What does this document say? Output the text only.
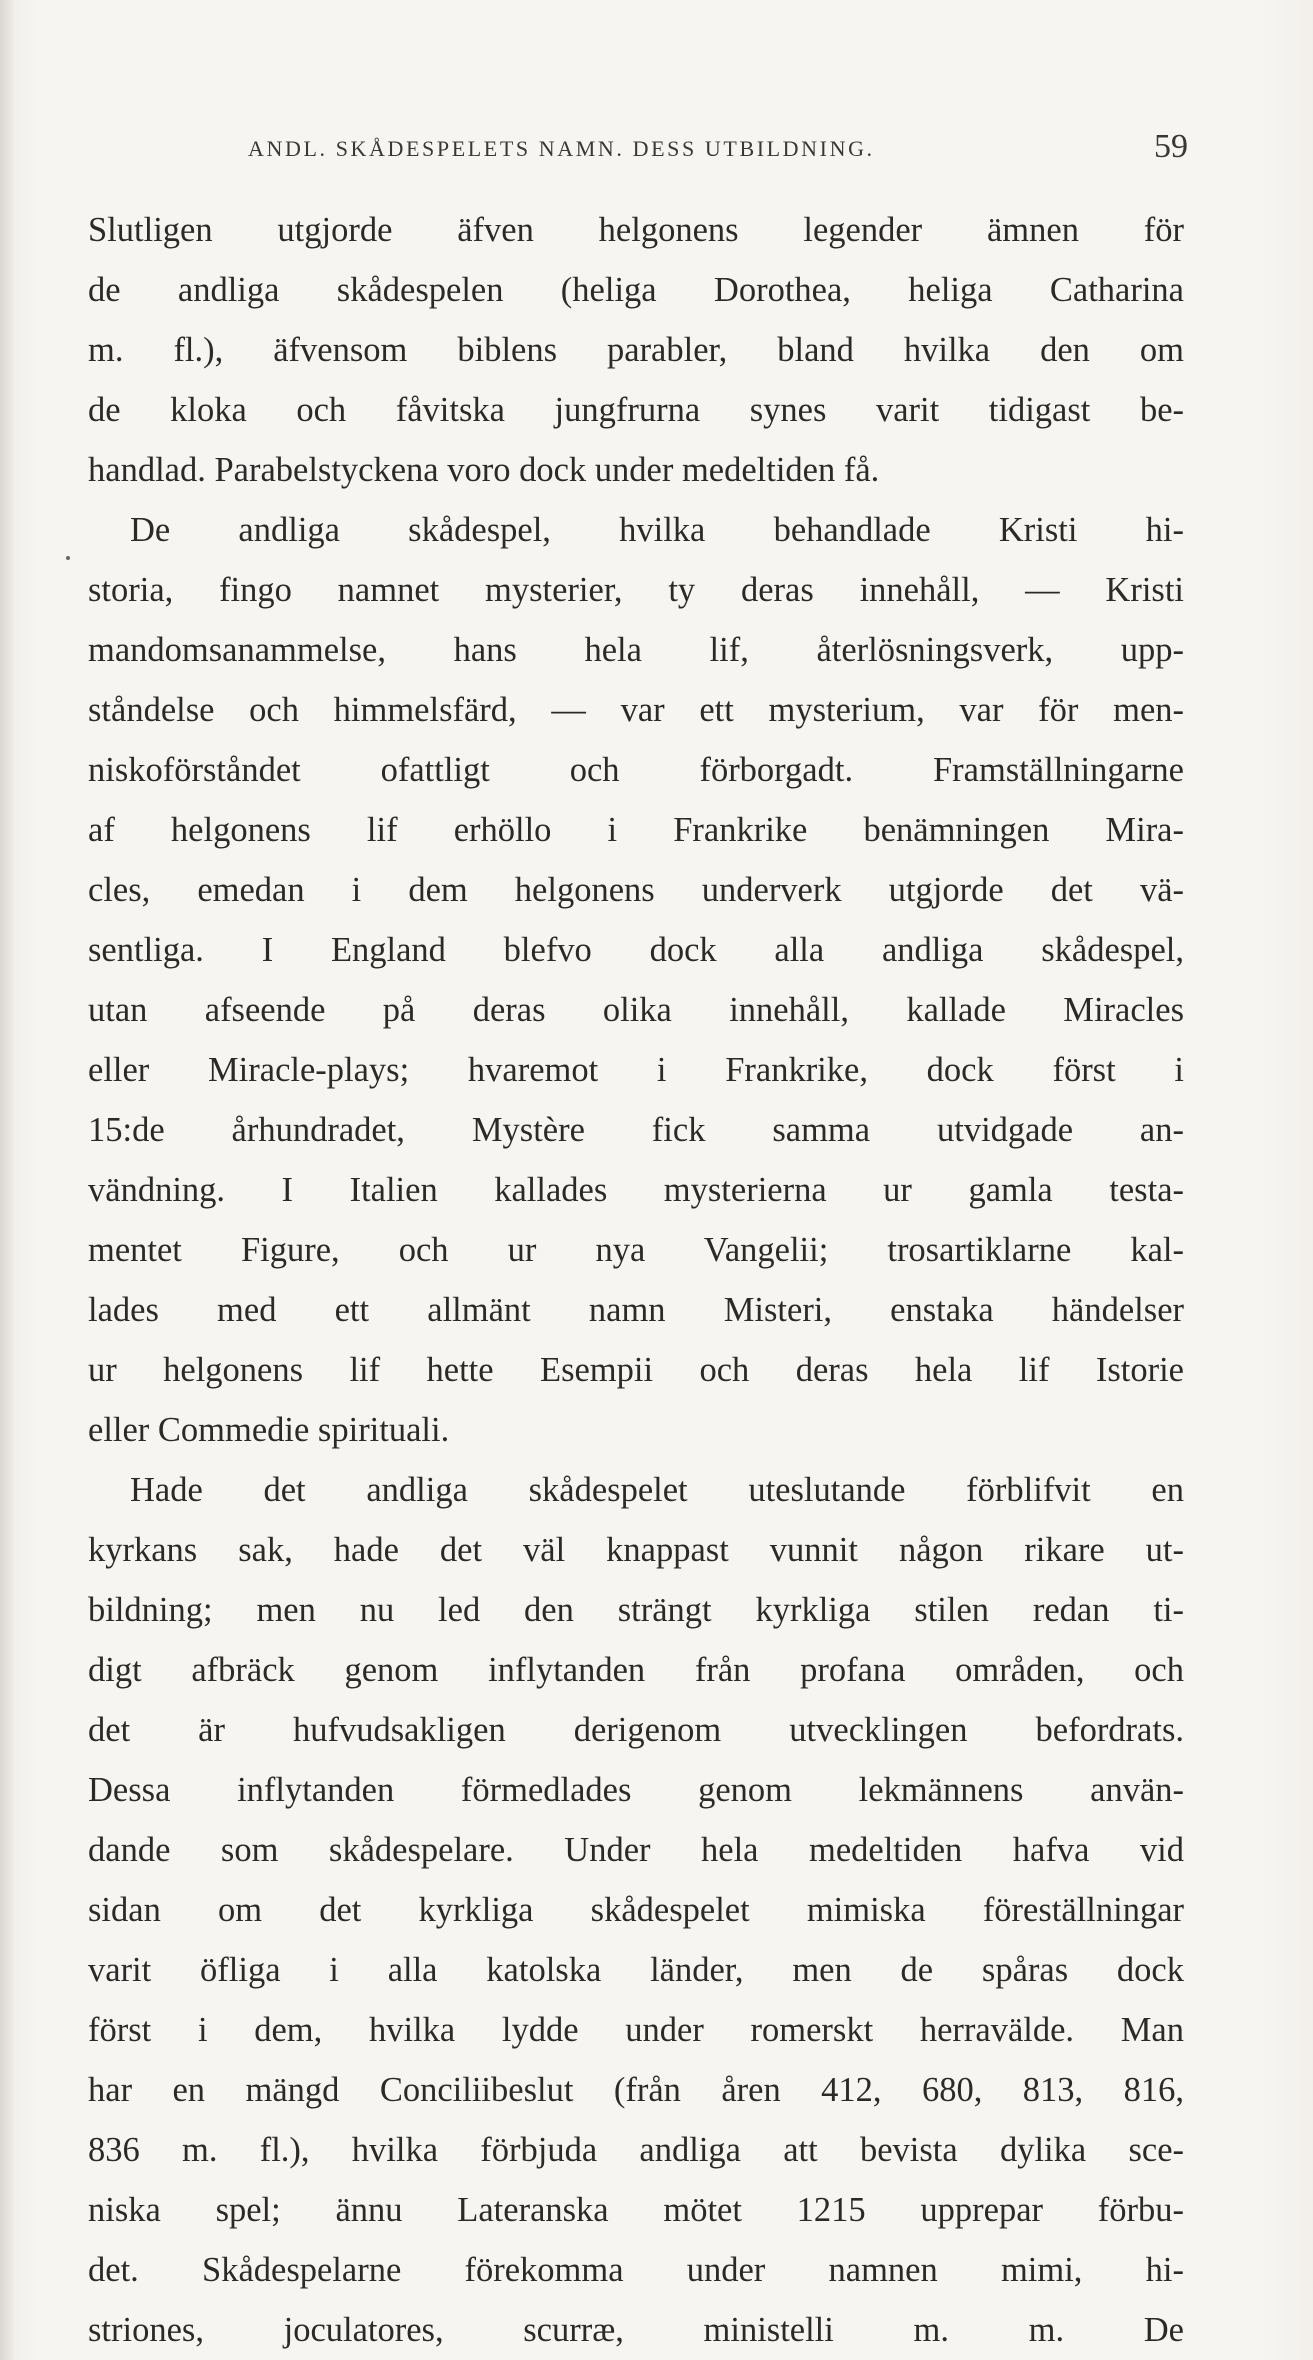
ANDL. SKÅDESPELETS NAMN. DESS UTBILDNING.	59
Slutligen utgjorde äfven helgonens legender ämnen för
de andliga skådespelen (heliga Dorothea, heliga Catharina
m. fl.), äfvensom biblens parabler, bland hvilka den om
de kloka och fåvitska jungfrurna synes varit tidigast be-
handlad. Parabelstyckena voro dock under medeltiden få.
De andliga skådespel, hvilka behandlade Kristi hi-
storia, fingo namnet mysterier, ty deras innehåll, — Kristi
mandomsanammelse, hans hela lif, återlösningsverk, upp-
ståndelse och himmelsfärd, — var ett mysterium, var för men-
niskoförståndet ofattligt och förborgadt. Framställningarne
af helgonens lif erhöllo i Frankrike benämningen Mira-
cles, emedan i dem helgonens underverk utgjorde det vä-
sentliga. I England blefvo dock alla andliga skådespel,
utan afseende på deras olika innehåll, kallade Miracles
eller Miracle-plays; hvaremot i Frankrike, dock först i
15:de århundradet, Mystère fick samma utvidgade an-
vändning. I Italien kallades mysterierna ur gamla testa-
mentet Figure, och ur nya Vangelii; trosartiklarne kal-
lades med ett allmänt namn Misteri, enstaka händelser
ur helgonens lif hette Esempii och deras hela lif Istorie
eller Commedie spirituali.
Hade det andliga skådespelet uteslutande förblifvit en
kyrkans sak, hade det väl knappast vunnit någon rikare ut-
bildning; men nu led den strängt kyrkliga stilen redan ti-
digt afbräck genom inflytanden från profana områden, och
det är hufvudsakligen derigenom utvecklingen befordrats.
Dessa inflytanden förmedlades genom lekmännens använ-
dande som skådespelare. Under hela medeltiden hafva vid
sidan om det kyrkliga skådespelet mimiska föreställningar
varit öfliga i alla katolska länder, men de spåras dock
först i dem, hvilka lydde under romerskt herravälde. Man
har en mängd Conciliibeslut (från åren 412, 680, 813, 816,
836 m. fl.), hvilka förbjuda andliga att bevista dylika sce-
niska spel; ännu Lateranska mötet 1215 upprepar förbu-
det. Skådespelarne förekomma under namnen mimi, hi-
striones, joculatores, scurræ, ministelli m. m. De
